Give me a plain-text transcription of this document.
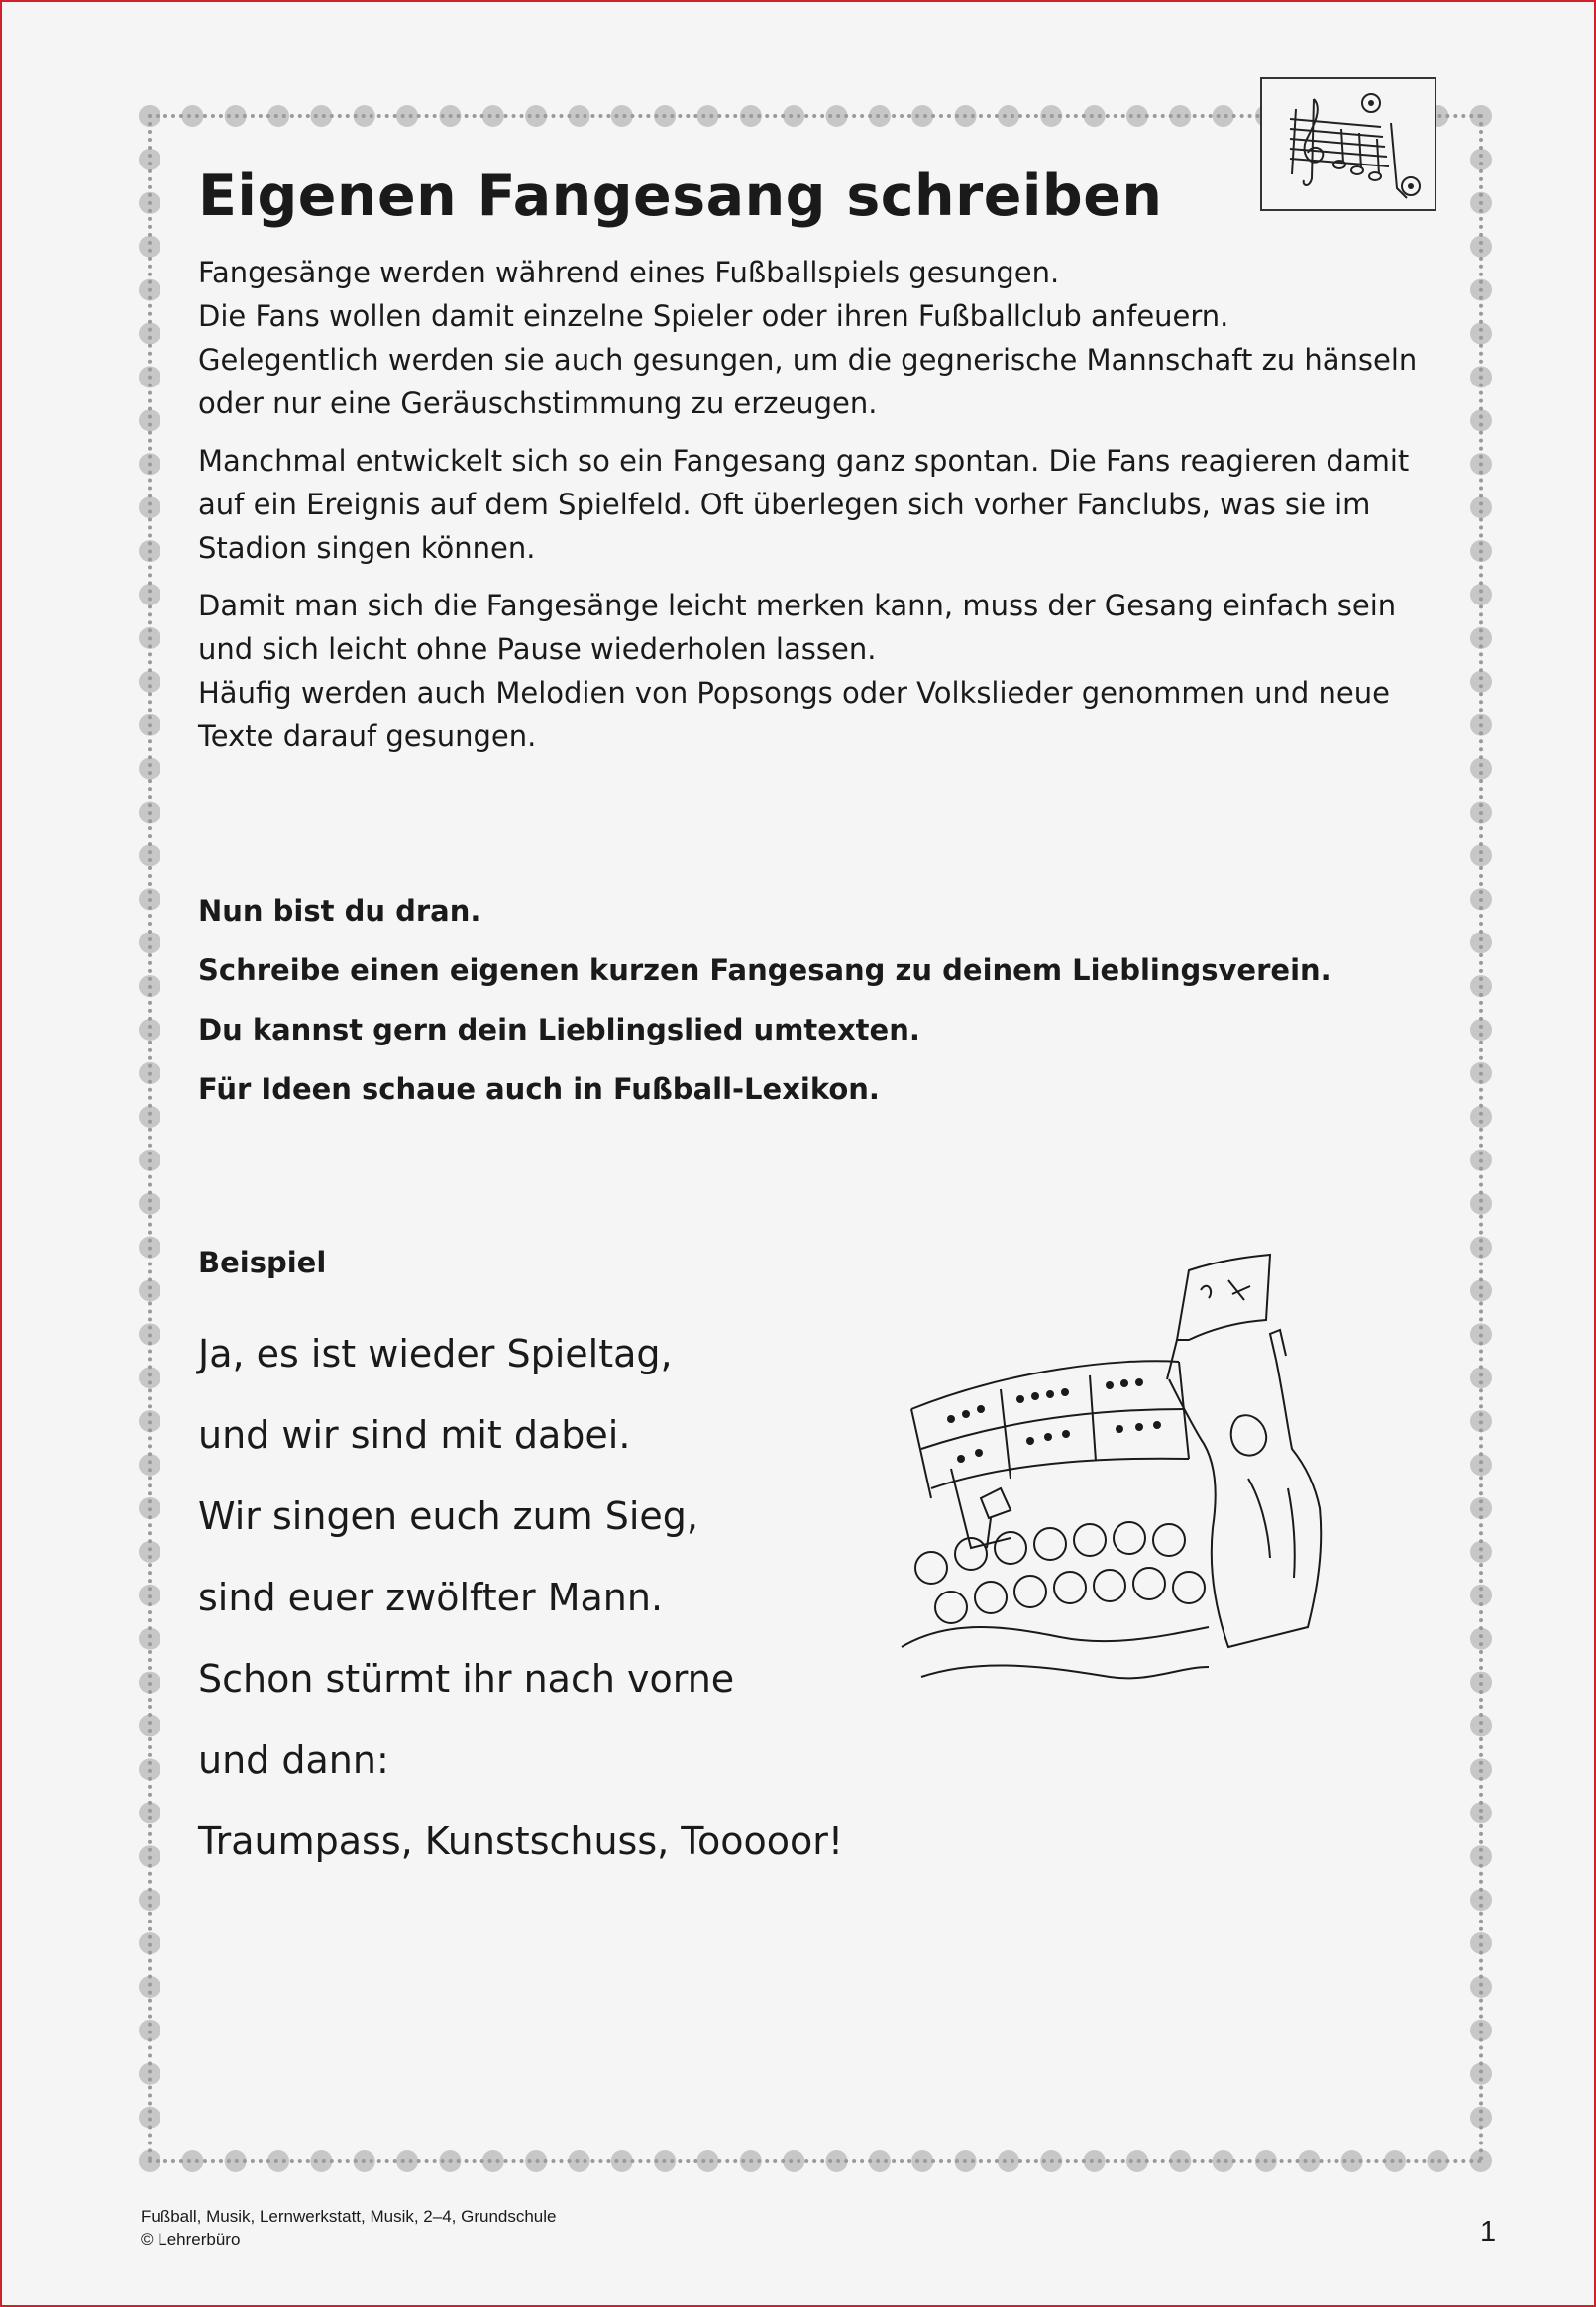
Eigenen Fangesang schreiben

Fangesänge werden während eines Fußballspiels gesungen.
Die Fans wollen damit einzelne Spieler oder ihren Fußballclub anfeuern.
Gelegentlich werden sie auch gesungen, um die gegnerische Mannschaft zu hänseln
oder nur eine Geräuschstimmung zu erzeugen.

Manchmal entwickelt sich so ein Fangesang ganz spontan. Die Fans reagieren damit
auf ein Ereignis auf dem Spielfeld. Oft überlegen sich vorher Fanclubs, was sie im
Stadion singen können.

Damit man sich die Fangesänge leicht merken kann, muss der Gesang einfach sein
und sich leicht ohne Pause wiederholen lassen.
Häufig werden auch Melodien von Popsongs oder Volkslieder genommen und neue
Texte darauf gesungen.

Nun bist du dran.

Schreibe einen eigenen kurzen Fangesang zu deinem Lieblingsverein.

Du kannst gern dein Lieblingslied umtexten.

Für Ideen schaue auch in Fußball-Lexikon.

Beispiel

Ja, es ist wieder Spieltag,

und wir sind mit dabei.

Wir singen euch zum Sieg,

sind euer zwölfter Mann.

Schon stürmt ihr nach vorne

und dann:

Traumpass, Kunstschuss, Tooooor!

Fußball, Musik, Lernwerkstatt, Musik, 2–4, Grundschule
© Lehrerbüro	1
